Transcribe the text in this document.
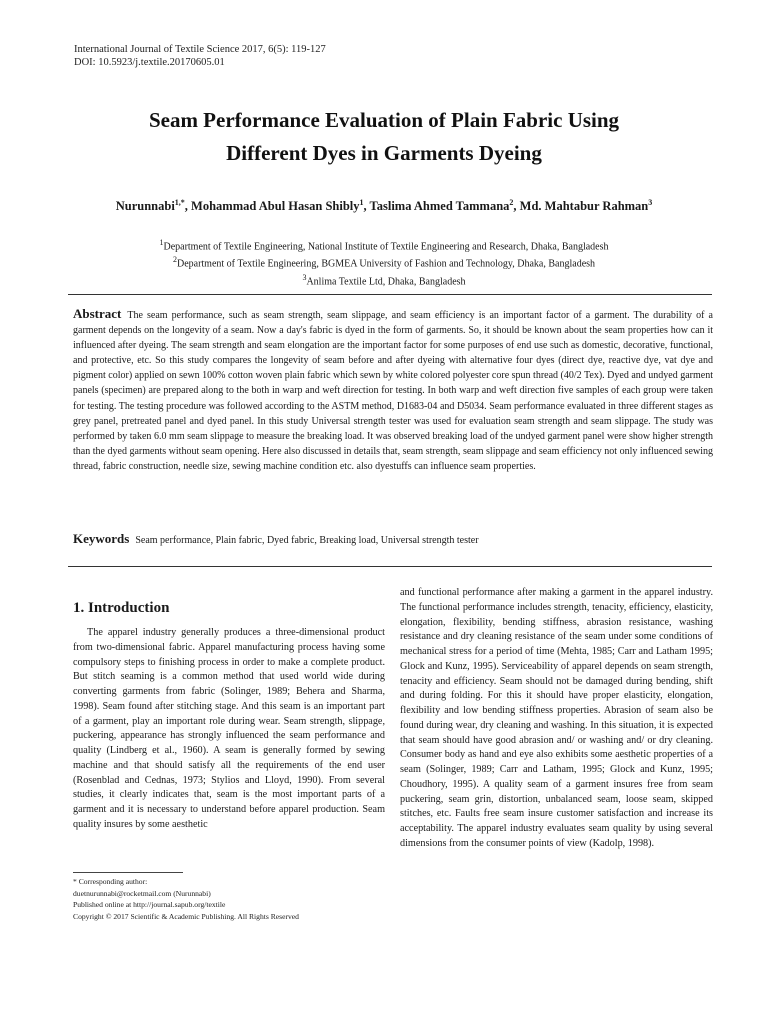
International Journal of Textile Science 2017, 6(5): 119-127
DOI: 10.5923/j.textile.20170605.01
Seam Performance Evaluation of Plain Fabric Using
Different Dyes in Garments Dyeing
Nurunnabi$^{1,*}$, Mohammad Abul Hasan Shibly$^1$, Taslima Ahmed Tammana$^2$, Md. Mahtabur Rahman$^3$
$^1$Department of Textile Engineering, National Institute of Textile Engineering and Research, Dhaka, Bangladesh
$^2$Department of Textile Engineering, BGMEA University of Fashion and Technology, Dhaka, Bangladesh
$^3$Anlima Textile Ltd, Dhaka, Bangladesh
Abstract The seam performance, such as seam strength, seam slippage, and seam efficiency is an important factor of a garment. The durability of a garment depends on the longevity of a seam. Now a day's fabric is dyed in the form of garments. So, it should be known about the seam properties how can it influenced after dyeing. The seam strength and seam elongation are the important factor for some purposes of end use such as domestic, decorative, functional, and protective, etc. So this study compares the longevity of seam before and after dyeing with alternative four dyes (direct dye, reactive dye, vat dye and pigment color) applied on sewn 100% cotton woven plain fabric which sewn by white colored polyester core spun thread (40/2 Tex). Dyed and undyed garment panels (specimen) are prepared along to the both in warp and weft direction for testing. In both warp and weft direction five samples of each group were taken for testing. The testing procedure was followed according to the ASTM method, D1683-04 and D5034. Seam performance evaluated in three different stages as grey panel, pretreated panel and dyed panel. In this study Universal strength tester was used for evaluation seam strength and seam slippage. The study was performed by taken 6.0 mm seam slippage to measure the breaking load. It was observed breaking load of the undyed garment panel were show higher strength than the dyed garments without seam opening. Here also discussed in details that, seam strength, seam slippage and seam efficiency not only influenced sewing thread, fabric construction, needle size, sewing machine condition etc. also dyestuffs can influence seam properties.
Keywords Seam performance, Plain fabric, Dyed fabric, Breaking load, Universal strength tester
1. Introduction

The apparel industry generally produces a three-dimensional product from two-dimensional fabric. Apparel manufacturing process having some compulsory steps to finishing process in order to make a complete product. But stitch seaming is a common method that used world wide during converting garments from fabric (Solinger, 1989; Behera and Sharma, 1998). Seam found after stitching stage. And this seam is an important part of a garment, play an important role during wear. Seam strength, slippage, puckering, appearance has strongly influenced the seam performance and quality (Lindberg et al., 1960). A seam is generally formed by sewing machine and that should satisfy all the requirements of the end user (Rosenblad and Cednas, 1973; Stylios and Lloyd, 1990). From several studies, it clearly indicates that, seam is the most important parts of a garment and it is necessary to understand before apparel production. Seam quality insures by some aesthetic

and functional performance after making a garment in the apparel industry. The functional performance includes strength, tenacity, efficiency, elasticity, elongation, flexibility, bending stiffness, abrasion resistance, washing resistance and dry cleaning resistance of the seam under some conditions of mechanical stress for a period of time (Mehta, 1985; Carr and Latham 1995; Glock and Kunz, 1995). Serviceability of apparel depends on seam strength, tenacity and efficiency. Seam should not be damaged during bending, shift and during folding. For this it should have proper elasticity, elongation, flexibility and low bending stiffness properties. Abrasion of seam also be found during wear, dry cleaning and washing. In this situation, it is expected that seam should have good abrasion and/ or washing and/ or dry cleaning. Consumer body as hand and eye also exhibits some aesthetic properties of a seam (Solinger, 1989; Carr and Latham, 1995; Glock and Kunz, 1995; Choudhory, 1995). A quality seam of a garment insures free from seam puckering, seam grin, distortion, unbalanced seam, loose seam, skipped stitches, etc. Faults free seam insure customer satisfaction and increase its acceptability. The apparel industry evaluates seam quality by using several dimensions from the consumer points of view (Kadolp, 1998).

* Corresponding author:
duetnurunnabi@rocketmail.com (Nurunnabi)
Published online at http://journal.sapub.org/textile
Copyright © 2017 Scientific & Academic Publishing. All Rights Reserved
